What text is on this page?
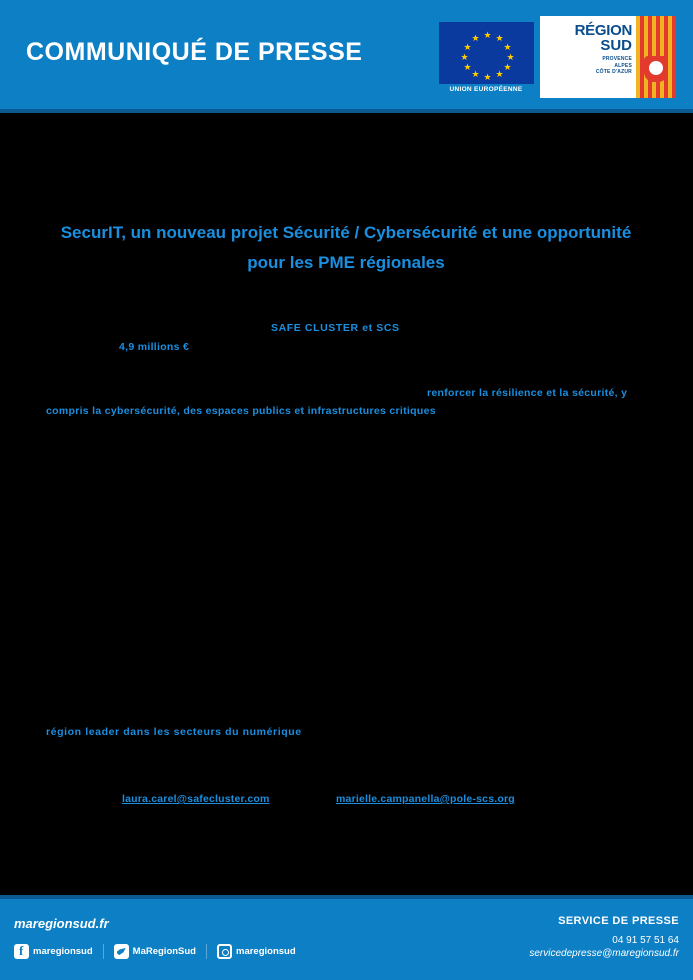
COMMUNIQUÉ DE PRESSE
★
★ ★
★	★
★	★
★	★
★ ★
★
UNION EUROPÉENNE
RÉGION
SUD
PROVENCE
ALPES
CÔTE D'AZUR
SecurIT, un nouveau projet Sécurité / Cybersécurité et une opportunité pour les PME régionales
SAFE CLUSTER et SCS
4,9 millions €
renforcer la résilience et la sécurité, y
compris la cybersécurité, des espaces publics et infrastructures critiques
région leader dans les secteurs du numérique
laura.carel@safecluster.com	marielle.campanella@pole-scs.org
maregionsud.fr
f
maregionsud	MaRegionSud	maregionsud
SERVICE DE PRESSE
04 91 57 51 64
servicedepresse@maregionsud.fr
